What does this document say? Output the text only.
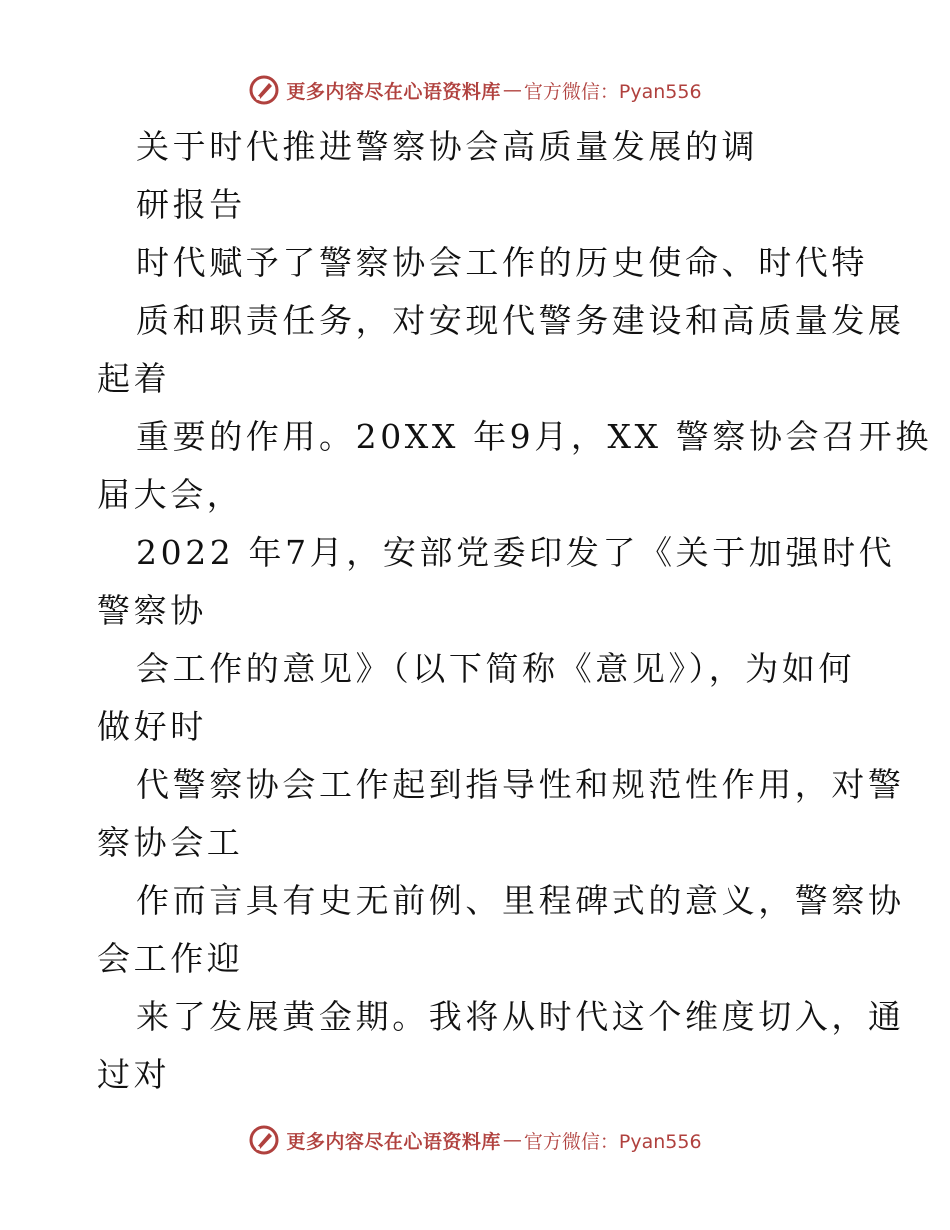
更多内容尽在心语资料库 — 官方微信：Pyan556
关于时代推进警察协会高质量发展的调
研报告
时代赋予了警察协会工作的历史使命、时代特
质和职责任务，对安现代警务建设和高质量发展
起着
重要的作用。20XX 年9月，XX 警察协会召开换
届大会，
2022 年7月，安部党委印发了《关于加强时代
警察协
会工作的意见》（以下简称《意见》），为如何
做好时
代警察协会工作起到指导性和规范性作用，对警
察协会工
作而言具有史无前例、里程碑式的意义，警察协
会工作迎
来了发展黄金期。我将从时代这个维度切入，通
过对
更多内容尽在心语资料库 — 官方微信：Pyan556
